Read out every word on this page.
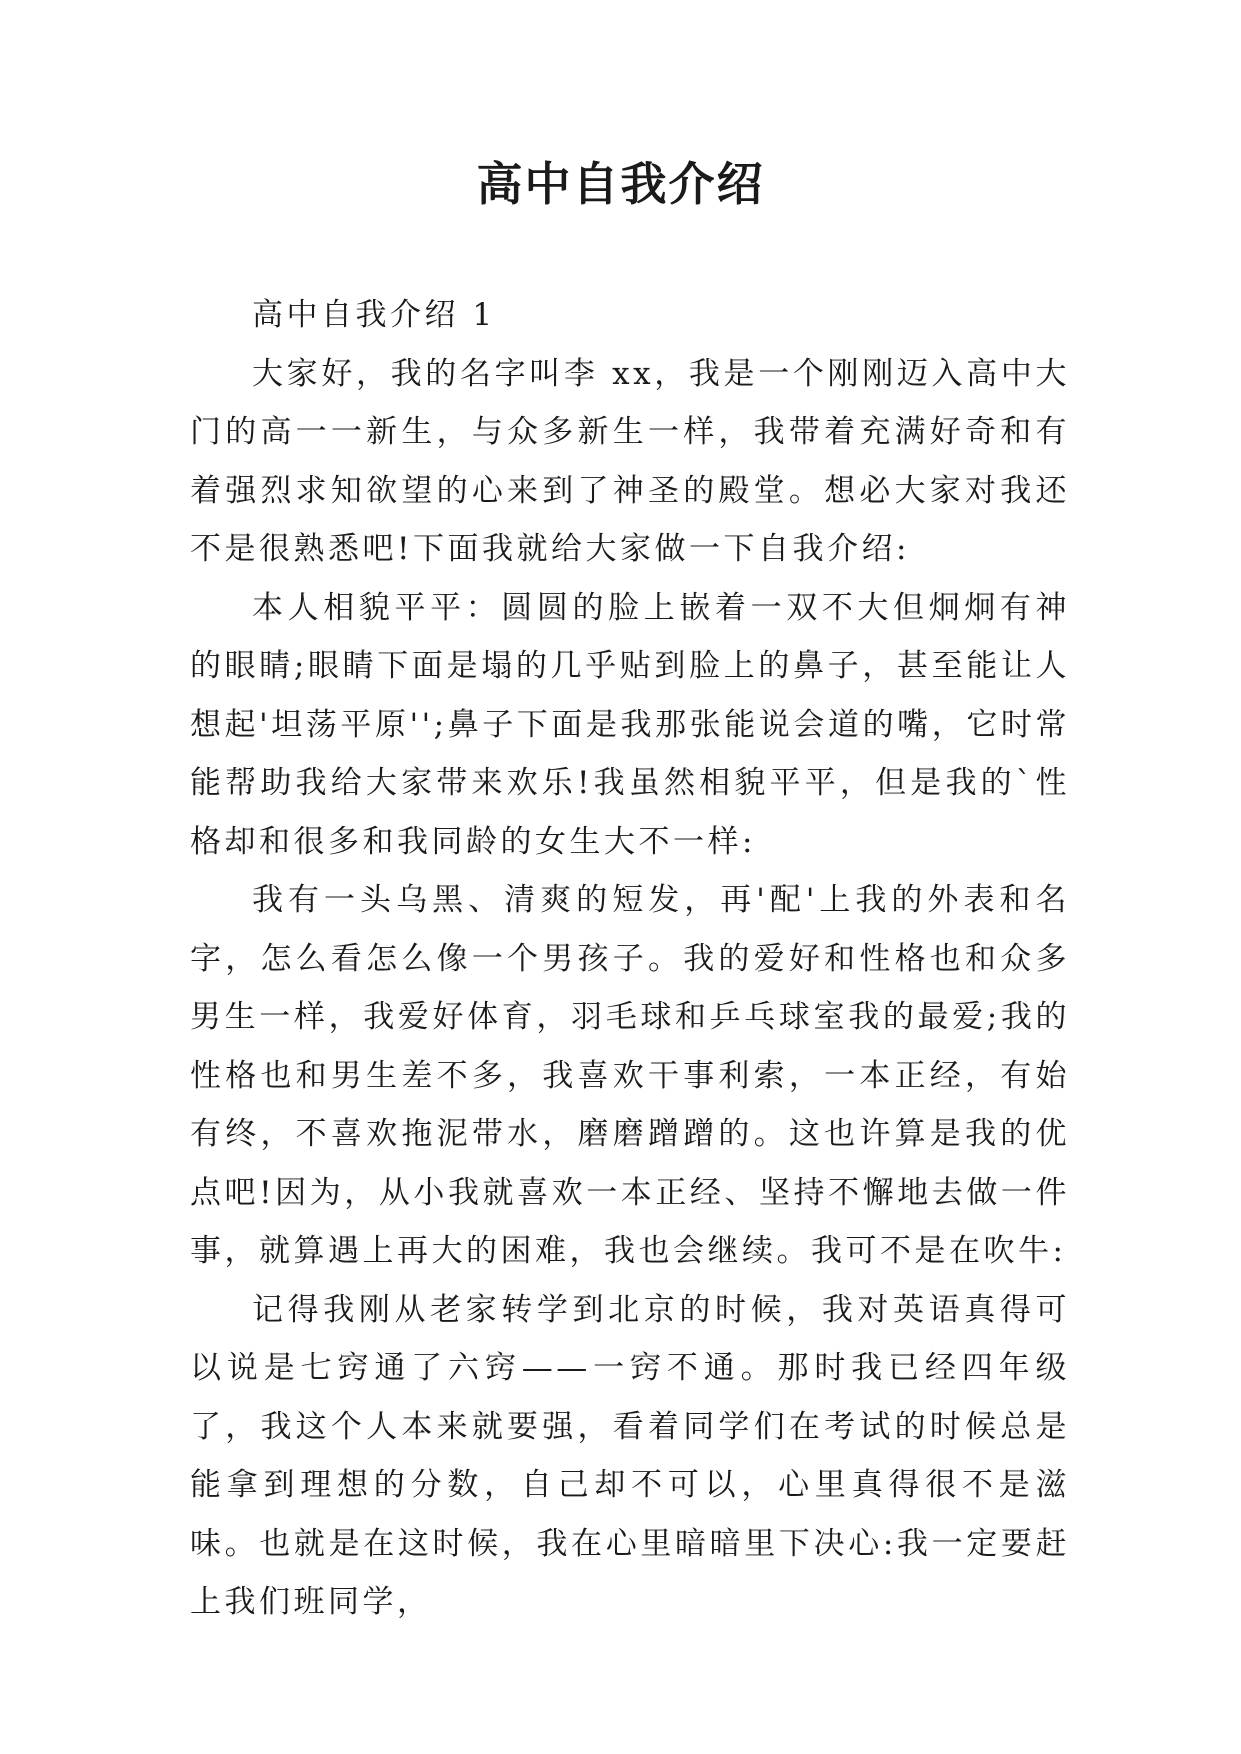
高中自我介绍

高中自我介绍 1

大家好，我的名字叫李 xx，我是一个刚刚迈入高中大门的高一一新生，与众多新生一样，我带着充满好奇和有着强烈求知欲望的心来到了神圣的殿堂。想必大家对我还不是很熟悉吧!下面我就给大家做一下自我介绍:

本人相貌平平：圆圆的脸上嵌着一双不大但炯炯有神的眼睛;眼睛下面是塌的几乎贴到脸上的鼻子，甚至能让人想起'坦荡平原'';鼻子下面是我那张能说会道的嘴，它时常能帮助我给大家带来欢乐!我虽然相貌平平，但是我的`性格却和很多和我同龄的女生大不一样:

我有一头乌黑、清爽的短发，再'配'上我的外表和名字，怎么看怎么像一个男孩子。我的爱好和性格也和众多男生一样，我爱好体育，羽毛球和乒乓球室我的最爱;我的性格也和男生差不多，我喜欢干事利索，一本正经，有始有终，不喜欢拖泥带水，磨磨蹭蹭的。这也许算是我的优点吧!因为，从小我就喜欢一本正经、坚持不懈地去做一件事，就算遇上再大的困难，我也会继续。我可不是在吹牛:

记得我刚从老家转学到北京的时候，我对英语真得可以说是七窍通了六窍——一窍不通。那时我已经四年级了，我这个人本来就要强，看着同学们在考试的时候总是能拿到理想的分数，自己却不可以，心里真得很不是滋味。也就是在这时候，我在心里暗暗里下决心:我一定要赶上我们班同学，
